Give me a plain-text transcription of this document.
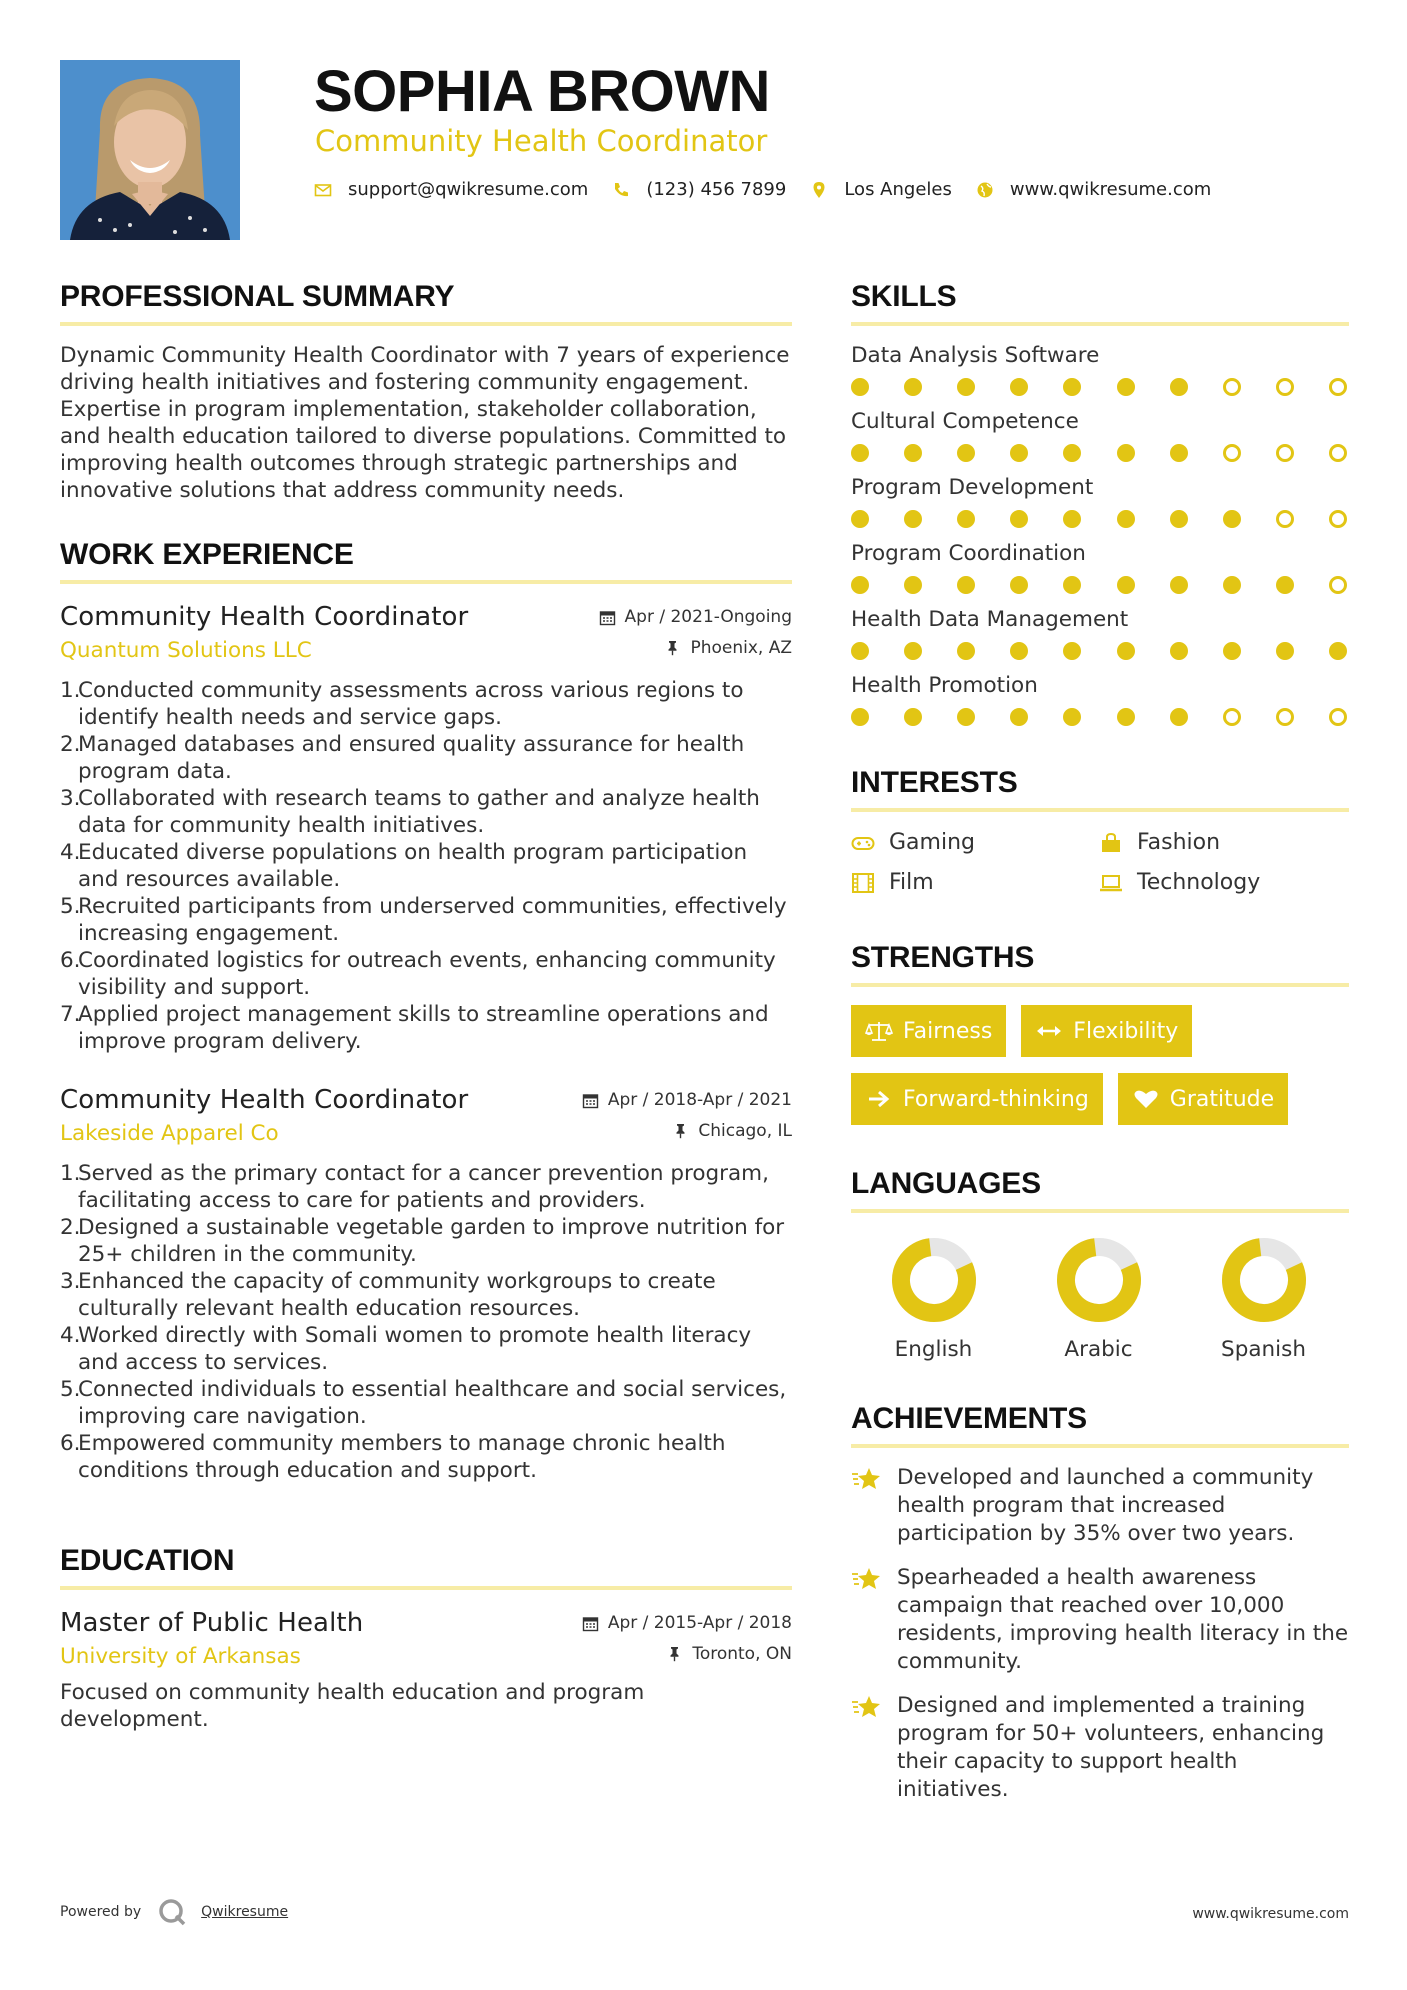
SOPHIA BROWN
Community Health Coordinator
support@qwikresume.com	(123) 456 7899	Los Angeles	www.qwikresume.com
PROFESSIONAL SUMMARY
Dynamic Community Health Coordinator with 7 years of experience driving health initiatives and fostering community engagement. Expertise in program implementation, stakeholder collaboration, and health education tailored to diverse populations. Committed to improving health outcomes through strategic partnerships and innovative solutions that address community needs.
WORK EXPERIENCE
Community Health Coordinator	Apr / 2021-Ongoing
Quantum Solutions LLC	Phoenix, AZ
1.
Conducted community assessments across various regions to identify health needs and service gaps.
2.
Managed databases and ensured quality assurance for health program data.
3.
Collaborated with research teams to gather and analyze health data for community health initiatives.
4.
Educated diverse populations on health program participation and resources available.
5.
Recruited participants from underserved communities, effectively increasing engagement.
6.
Coordinated logistics for outreach events, enhancing community visibility and support.
7.
Applied project management skills to streamline operations and improve program delivery.
Community Health Coordinator	Apr / 2018-Apr / 2021
Lakeside Apparel Co	Chicago, IL
1.
Served as the primary contact for a cancer prevention program, facilitating access to care for patients and providers.
2.
Designed a sustainable vegetable garden to improve nutrition for 25+ children in the community.
3.
Enhanced the capacity of community workgroups to create culturally relevant health education resources.
4.
Worked directly with Somali women to promote health literacy and access to services.
5.
Connected individuals to essential healthcare and social services, improving care navigation.
6.
Empowered community members to manage chronic health conditions through education and support.
EDUCATION
Master of Public Health	Apr / 2015-Apr / 2018
University of Arkansas	Toronto, ON
Focused on community health education and program development.
SKILLS
Data Analysis Software
Cultural Competence
Program Development
Program Coordination
Health Data Management
Health Promotion
INTERESTS
Gaming	Fashion
Film	Technology
STRENGTHS
Fairness	Flexibility
Forward-thinking	Gratitude
LANGUAGES
English	Arabic	Spanish
ACHIEVEMENTS
Developed and launched a community health program that increased participation by 35% over two years.
Spearheaded a health awareness campaign that reached over 10,000 residents, improving health literacy in the community.
Designed and implemented a training program for 50+ volunteers, enhancing their capacity to support health initiatives.
Powered by	Qwikresume	www.qwikresume.com
